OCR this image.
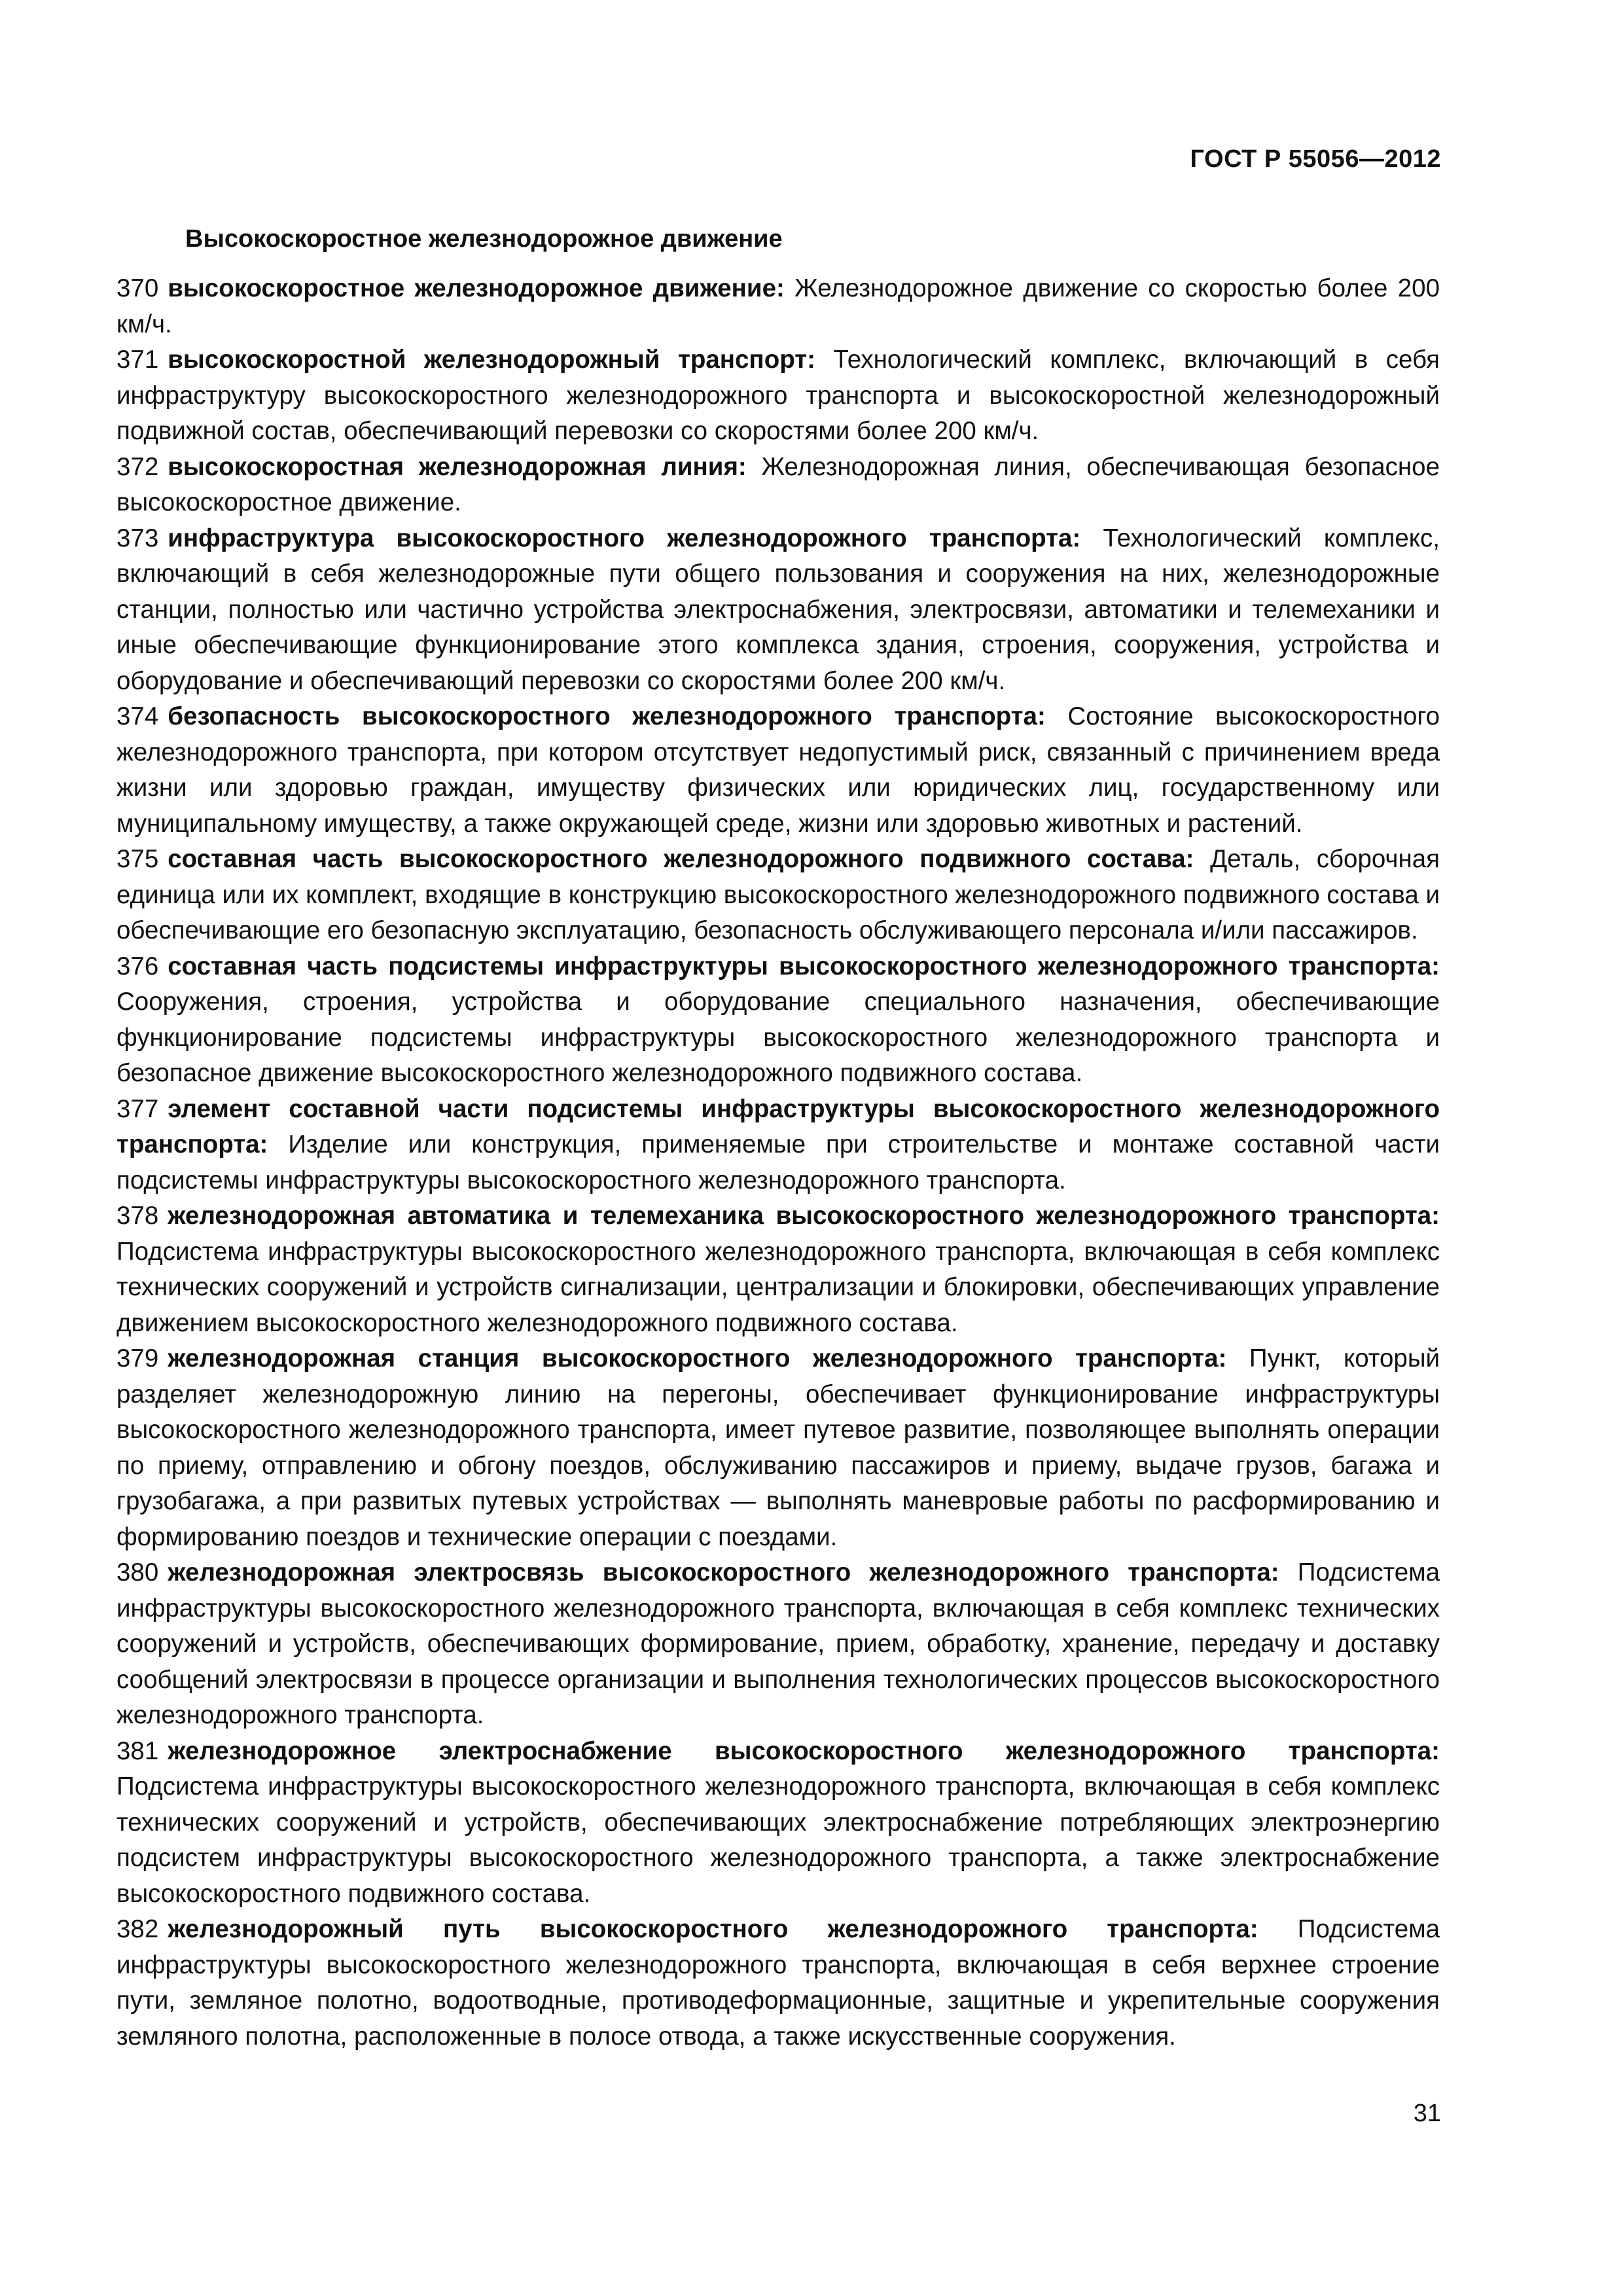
ГОСТ Р 55056—2012
Высокоскоростное железнодорожное движение

370 высокоскоростное железнодорожное движение: Железнодорожное движение со скоростью более 200 км/ч.

371 высокоскоростной железнодорожный транспорт: Технологический комплекс, включающий в себя инфраструктуру высокоскоростного железнодорожного транспорта и высокоскоростной железнодорожный подвижной состав, обеспечивающий перевозки со скоростями более 200 км/ч.

372 высокоскоростная железнодорожная линия: Железнодорожная линия, обеспечивающая безопасное высокоскоростное движение.

373 инфраструктура высокоскоростного железнодорожного транспорта: Технологический комплекс, включающий в себя железнодорожные пути общего пользования и сооружения на них, железнодорожные станции, полностью или частично устройства электроснабжения, электросвязи, автоматики и телемеханики и иные обеспечивающие функционирование этого комплекса здания, строения, сооружения, устройства и оборудование и обеспечивающий перевозки со скоростями более 200 км/ч.

374 безопасность высокоскоростного железнодорожного транспорта: Состояние высокоскоростного железнодорожного транспорта, при котором отсутствует недопустимый риск, связанный с причинением вреда жизни или здоровью граждан, имуществу физических или юридических лиц, государственному или муниципальному имуществу, а также окружающей среде, жизни или здоровью животных и растений.

375 составная часть высокоскоростного железнодорожного подвижного состава: Деталь, сборочная единица или их комплект, входящие в конструкцию высокоскоростного железнодорожного подвижного состава и обеспечивающие его безопасную эксплуатацию, безопасность обслуживающего персонала и/или пассажиров.

376 составная часть подсистемы инфраструктуры высокоскоростного железнодорожного транспорта: Сооружения, строения, устройства и оборудование специального назначения, обеспечивающие функционирование подсистемы инфраструктуры высокоскоростного железнодорожного транспорта и безопасное движение высокоскоростного железнодорожного подвижного состава.

377 элемент составной части подсистемы инфраструктуры высокоскоростного железнодорожного транспорта: Изделие или конструкция, применяемые при строительстве и монтаже составной части подсистемы инфраструктуры высокоскоростного железнодорожного транспорта.

378 железнодорожная автоматика и телемеханика высокоскоростного железнодорожного транспорта: Подсистема инфраструктуры высокоскоростного железнодорожного транспорта, включающая в себя комплекс технических сооружений и устройств сигнализации, централизации и блокировки, обеспечивающих управление движением высокоскоростного железнодорожного подвижного состава.

379 железнодорожная станция высокоскоростного железнодорожного транспорта: Пункт, который разделяет железнодорожную линию на перегоны, обеспечивает функционирование инфраструктуры высокоскоростного железнодорожного транспорта, имеет путевое развитие, позволяющее выполнять операции по приему, отправлению и обгону поездов, обслуживанию пассажиров и приему, выдаче грузов, багажа и грузобагажа, а при развитых путевых устройствах — выполнять маневровые работы по расформированию и формированию поездов и технические операции с поездами.

380 железнодорожная электросвязь высокоскоростного железнодорожного транспорта: Подсистема инфраструктуры высокоскоростного железнодорожного транспорта, включающая в себя комплекс технических сооружений и устройств, обеспечивающих формирование, прием, обработку, хранение, передачу и доставку сообщений электросвязи в процессе организации и выполнения технологических процессов высокоскоростного железнодорожного транспорта.

381 железнодорожное электроснабжение высокоскоростного железнодорожного транспорта: Подсистема инфраструктуры высокоскоростного железнодорожного транспорта, включающая в себя комплекс технических сооружений и устройств, обеспечивающих электроснабжение потребляющих электроэнергию подсистем инфраструктуры высокоскоростного железнодорожного транспорта, а также электроснабжение высокоскоростного подвижного состава.

382 железнодорожный путь высокоскоростного железнодорожного транспорта: Подсистема инфраструктуры высокоскоростного железнодорожного транспорта, включающая в себя верхнее строение пути, земляное полотно, водоотводные, противодеформационные, защитные и укрепительные сооружения земляного полотна, расположенные в полосе отвода, а также искусственные сооружения.

31
